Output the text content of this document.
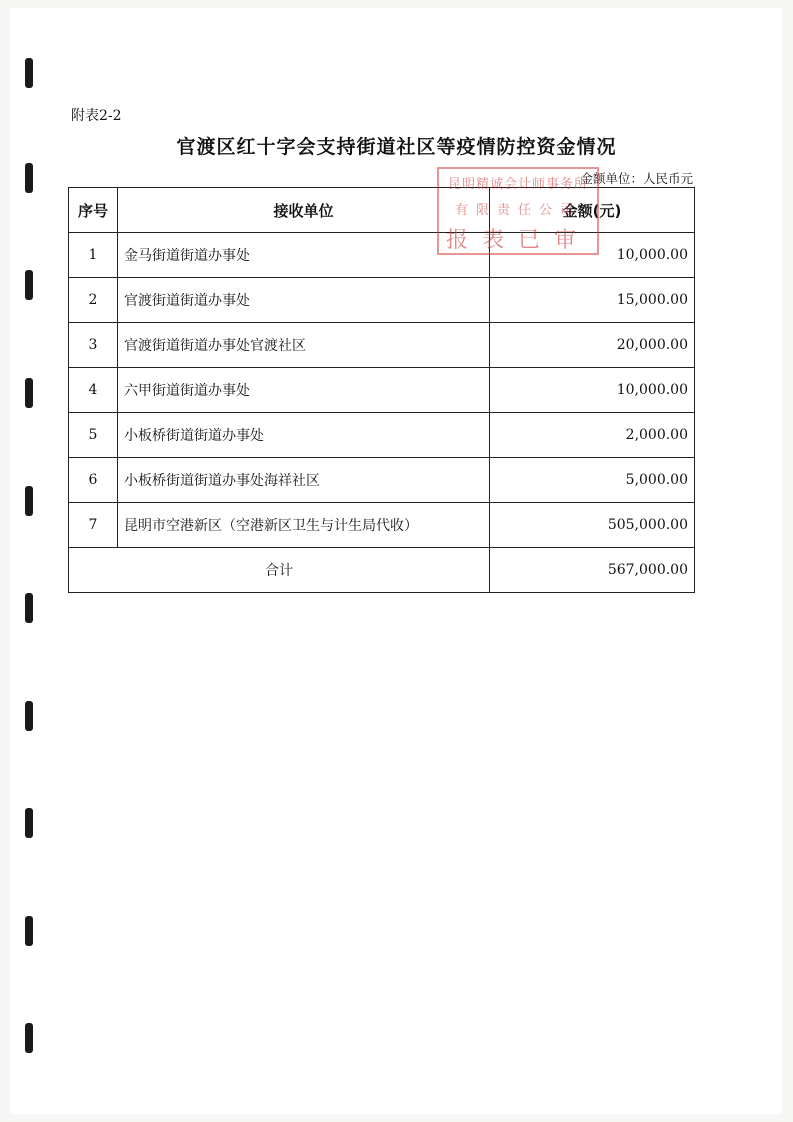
附表2-2
官渡区红十字会支持街道社区等疫情防控资金情况
金额单位：人民币元
序号	接收单位	金额(元)
1	金马街道街道办事处	10,000.00
2	官渡街道街道办事处	15,000.00
3	官渡街道街道办事处官渡社区	20,000.00
4	六甲街道街道办事处	10,000.00
5	小板桥街道街道办事处	2,000.00
6	小板桥街道街道办事处海祥社区	5,000.00
7	昆明市空港新区（空港新区卫生与计生局代收）	505,000.00
合计		567,000.00
昆明精诚会计师事务所
有限责任公司
报表已审
